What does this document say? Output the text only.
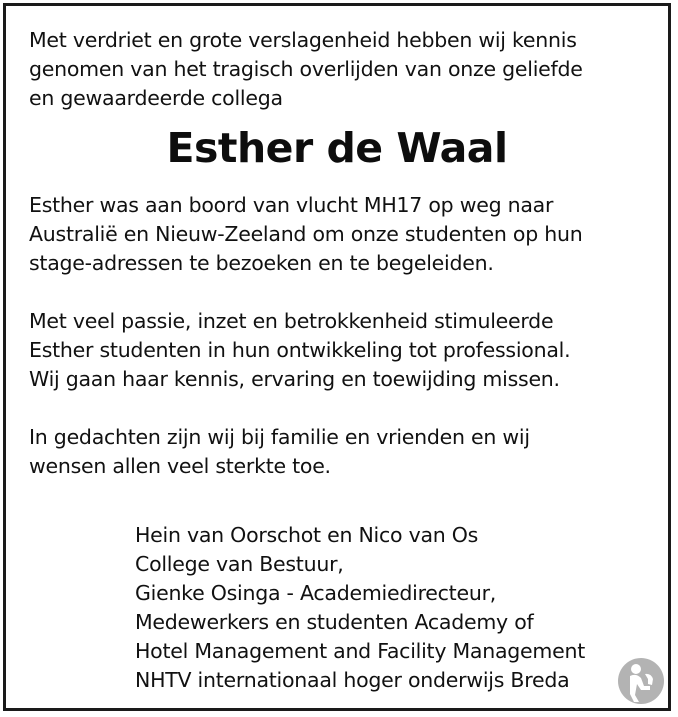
Met verdriet en grote verslagenheid hebben wij kennis

genomen van het tragisch overlijden van onze geliefde

en gewaardeerde collega

Esther de Waal

Esther was aan boord van vlucht MH17 op weg naar

Australië en Nieuw-Zeeland om onze studenten op hun

stage-adressen te bezoeken en te begeleiden.

Met veel passie, inzet en betrokkenheid stimuleerde

Esther studenten in hun ontwikkeling tot professional.

Wij gaan haar kennis, ervaring en toewijding missen.

In gedachten zijn wij bij familie en vrienden en wij

wensen allen veel sterkte toe.

Hein van Oorschot en Nico van Os

College van Bestuur,

Gienke Osinga - Academiedirecteur,

Medewerkers en studenten Academy of

Hotel Management and Facility Management

NHTV internationaal hoger onderwijs Breda
